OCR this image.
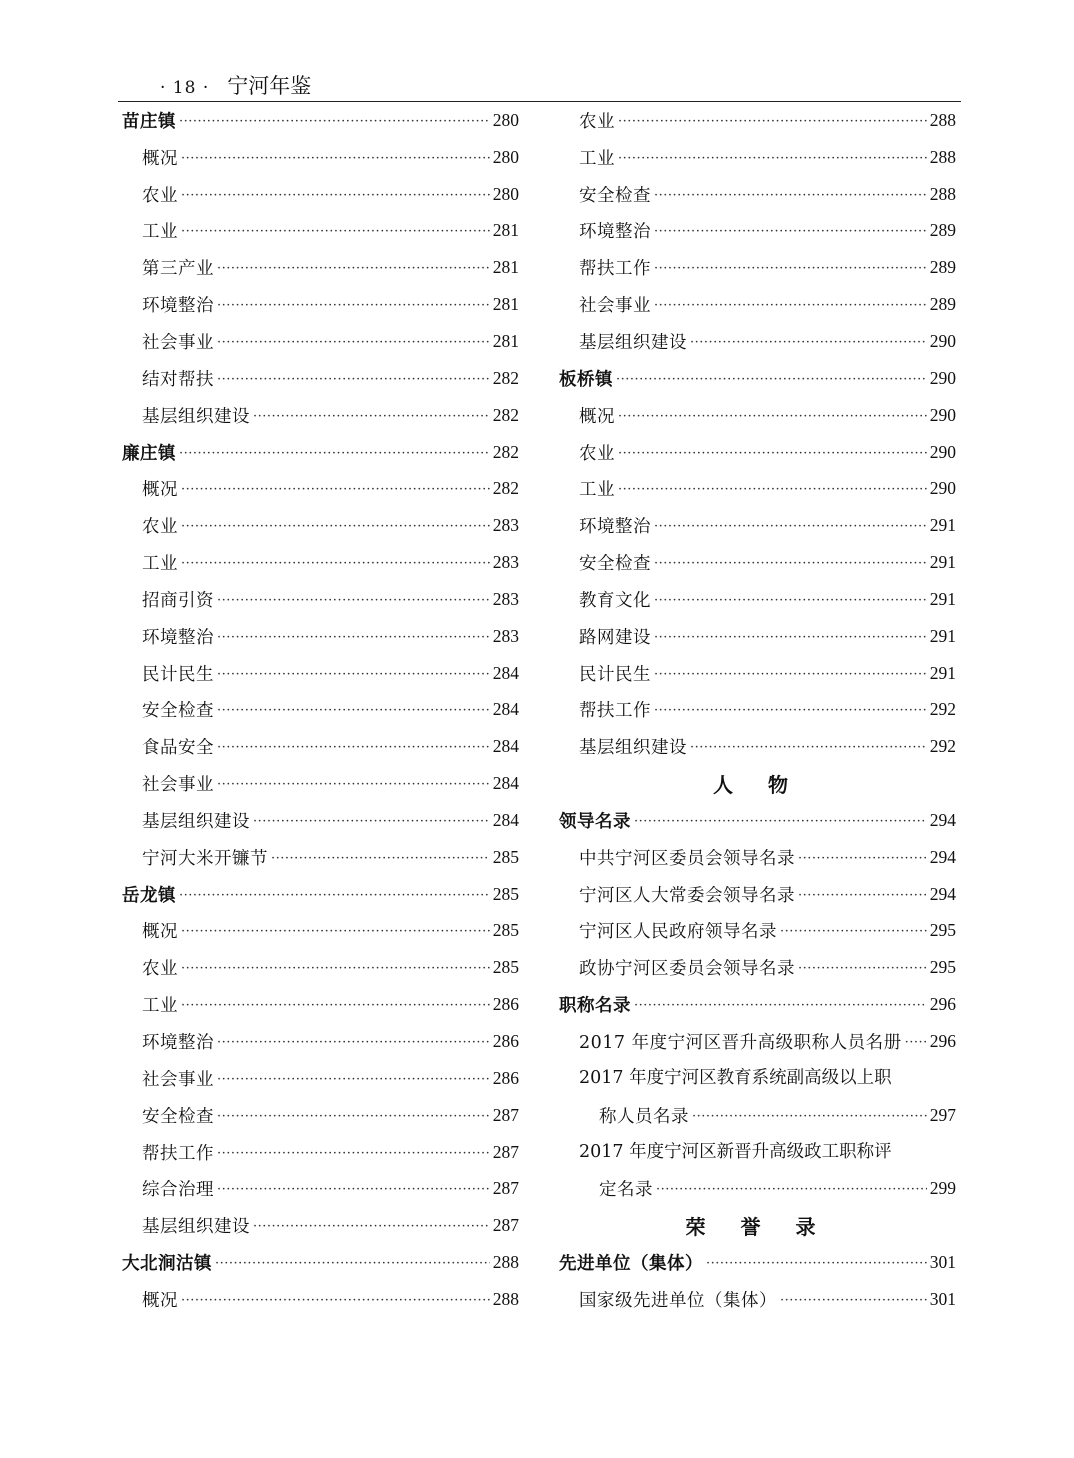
· 18 · 宁河年鉴
苗庄镇 ·····	280
概况 ·····	280
农业 ·····	280
工业 ·····	281
第三产业 ·····	281
环境整治 ·····	281
社会事业 ·····	281
结对帮扶 ·····	282
基层组织建设 ·····	282
廉庄镇 ·····	282
概况 ·····	282
农业 ·····	283
工业 ·····	283
招商引资 ·····	283
环境整治 ·····	283
民计民生 ·····	284
安全检查 ·····	284
食品安全 ·····	284
社会事业 ·····	284
基层组织建设 ·····	284
宁河大米开镰节 ·····	285
岳龙镇 ·····	285
概况 ·····	285
农业 ·····	285
工业 ·····	286
环境整治 ·····	286
社会事业 ·····	286
安全检查 ·····	287
帮扶工作 ·····	287
综合治理 ·····	287
基层组织建设 ·····	287
大北涧沽镇 ·····	288
概况 ·····	288
农业 ·····	288
工业 ·····	288
安全检查 ·····	288
环境整治 ·····	289
帮扶工作 ·····	289
社会事业 ·····	289
基层组织建设 ·····	290
板桥镇 ·····	290
概况 ·····	290
农业 ·····	290
工业 ·····	290
环境整治 ·····	291
安全检查 ·····	291
教育文化 ·····	291
路网建设 ·····	291
民计民生 ·····	291
帮扶工作 ·····	292
基层组织建设 ·····	292
人 物
领导名录 ·····	294
中共宁河区委员会领导名录 ·····	294
宁河区人大常委会领导名录 ·····	294
宁河区人民政府领导名录 ·····	295
政协宁河区委员会领导名录 ·····	295
职称名录 ·····	296
2017 年度宁河区晋升高级职称人员名册 ····· 296
2017 年度宁河区教育系统副高级以上职
称人员名录 ·····	297
2017 年度宁河区新晋升高级政工职称评
定名录 ·····	299
荣 誉 录
先进单位（集体） ·····	301
国家级先进单位（集体） ·····	301
